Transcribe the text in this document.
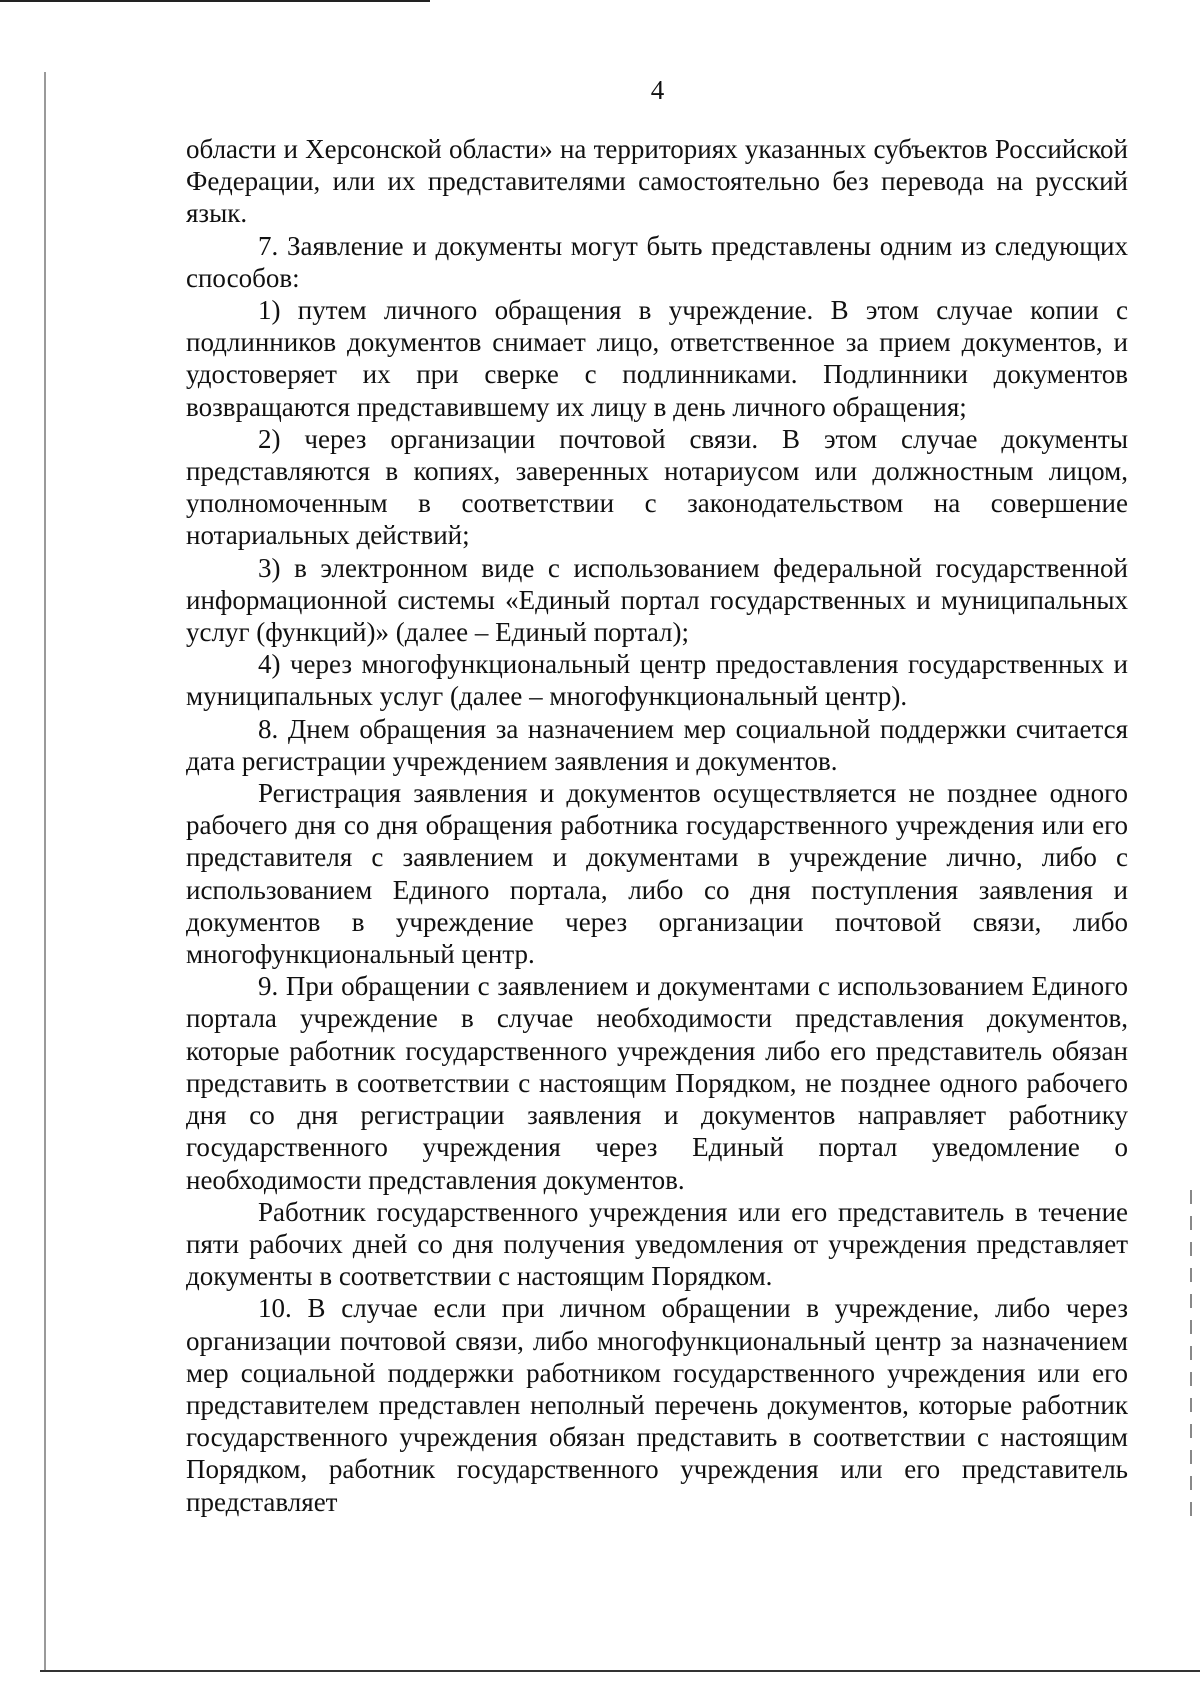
4

области и Херсонской области» на территориях указанных субъектов Российской Федерации, или их представителями самостоятельно без перевода на русский язык.

7. Заявление и документы могут быть представлены одним из следующих способов:

1) путем личного обращения в учреждение. В этом случае копии с подлинников документов снимает лицо, ответственное за прием документов, и удостоверяет их при сверке с подлинниками. Подлинники документов возвращаются представившему их лицу в день личного обращения;

2) через организации почтовой связи. В этом случае документы представляются в копиях, заверенных нотариусом или должностным лицом, уполномоченным в соответствии с законодательством на совершение нотариальных действий;

3) в электронном виде с использованием федеральной государственной информационной системы «Единый портал государственных и муниципальных услуг (функций)» (далее – Единый портал);

4) через многофункциональный центр предоставления государственных и муниципальных услуг (далее – многофункциональный центр).

8. Днем обращения за назначением мер социальной поддержки считается дата регистрации учреждением заявления и документов.

Регистрация заявления и документов осуществляется не позднее одного рабочего дня со дня обращения работника государственного учреждения или его представителя с заявлением и документами в учреждение лично, либо с использованием Единого портала, либо со дня поступления заявления и документов в учреждение через организации почтовой связи, либо многофункциональный центр.

9. При обращении с заявлением и документами с использованием Единого портала учреждение в случае необходимости представления документов, которые работник государственного учреждения либо его представитель обязан представить в соответствии с настоящим Порядком, не позднее одного рабочего дня со дня регистрации заявления и документов направляет работнику государственного учреждения через Единый портал уведомление о необходимости представления документов.

Работник государственного учреждения или его представитель в течение пяти рабочих дней со дня получения уведомления от учреждения представляет документы в соответствии с настоящим Порядком.

10. В случае если при личном обращении в учреждение, либо через организации почтовой связи, либо многофункциональный центр за назначением мер социальной поддержки работником государственного учреждения или его представителем представлен неполный перечень документов, которые работник государственного учреждения обязан представить в соответствии с настоящим Порядком, работник государственного учреждения или его представитель представляет
